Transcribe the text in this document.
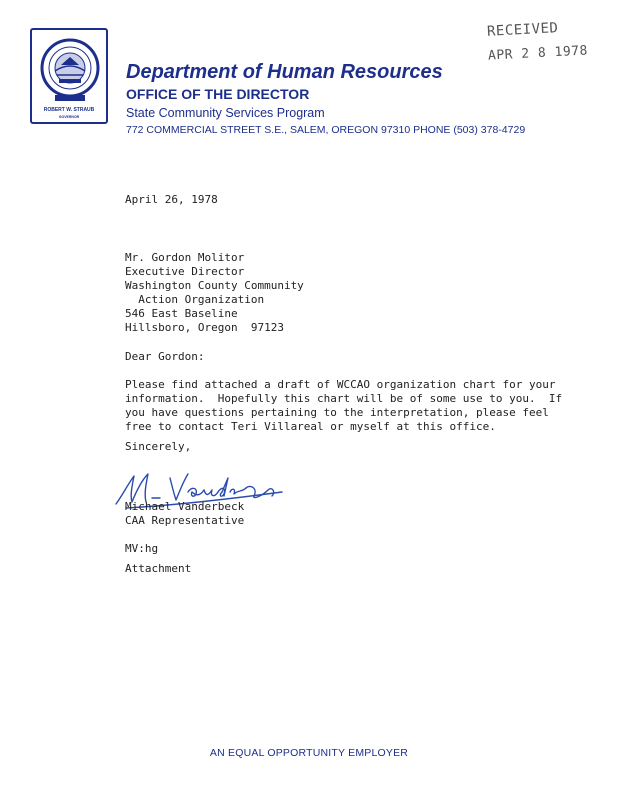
ROBERT W. STRAUB
GOVERNOR
Department of Human Resources
OFFICE OF THE DIRECTOR
State Community Services Program
772 COMMERCIAL STREET S.E., SALEM, OREGON 97310 PHONE (503) 378-4729
RECEIVED
APR 2 8 1978
April 26, 1978
Mr. Gordon Molitor
Executive Director
Washington County Community
Action Organization
546 East Baseline
Hillsboro, Oregon  97123
Dear Gordon:
Please find attached a draft of WCCAO organization chart for your
information.  Hopefully this chart will be of some use to you.  If
you have questions pertaining to the interpretation, please feel
free to contact Teri Villareal or myself at this office.
Sincerely,
Michael Vanderbeck
CAA Representative
MV:hg
Attachment
AN EQUAL OPPORTUNITY EMPLOYER
